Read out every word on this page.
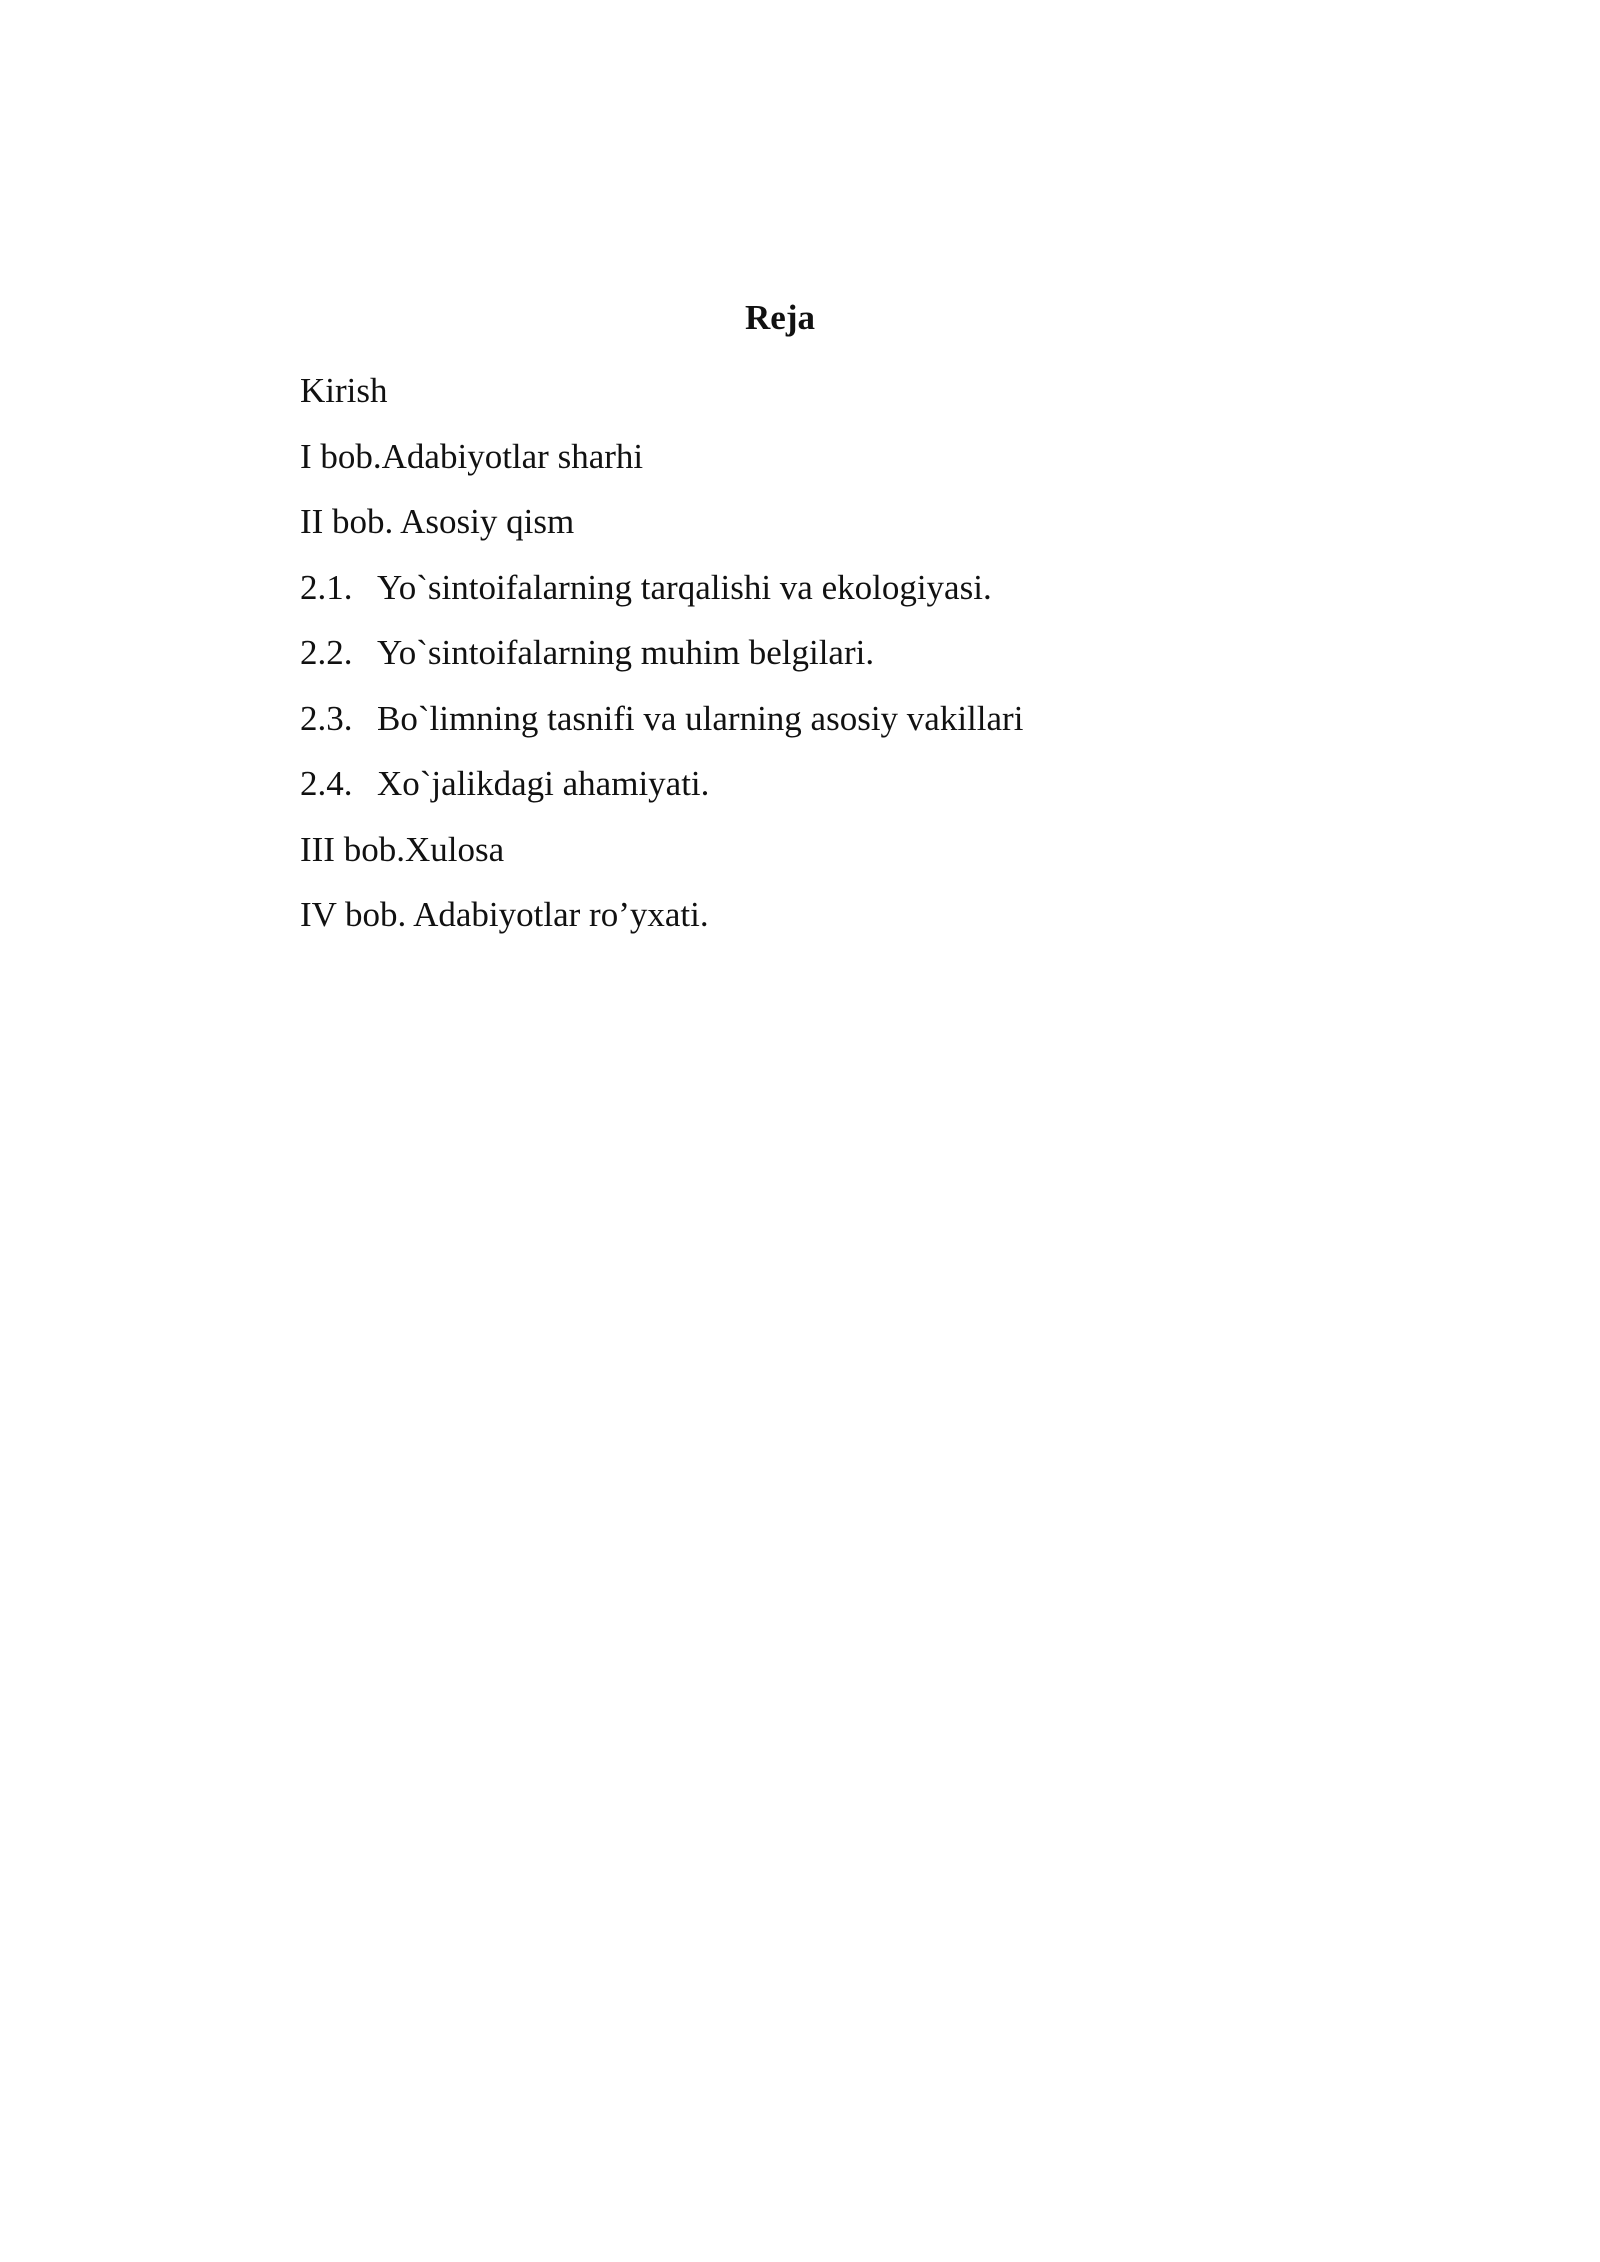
Reja
Kirish
I bob.Adabiyotlar sharhi
II bob. Asosiy qism
2.1. Yo`sintoifalarning tarqalishi va ekologiyasi.
2.2. Yo`sintoifalarning muhim belgilari.
2.3. Bo`limning tasnifi va ularning asosiy vakillari
2.4. Xo`jalikdagi ahamiyati.
III bob.Xulosa
IV bob. Adabiyotlar ro’yxati.
